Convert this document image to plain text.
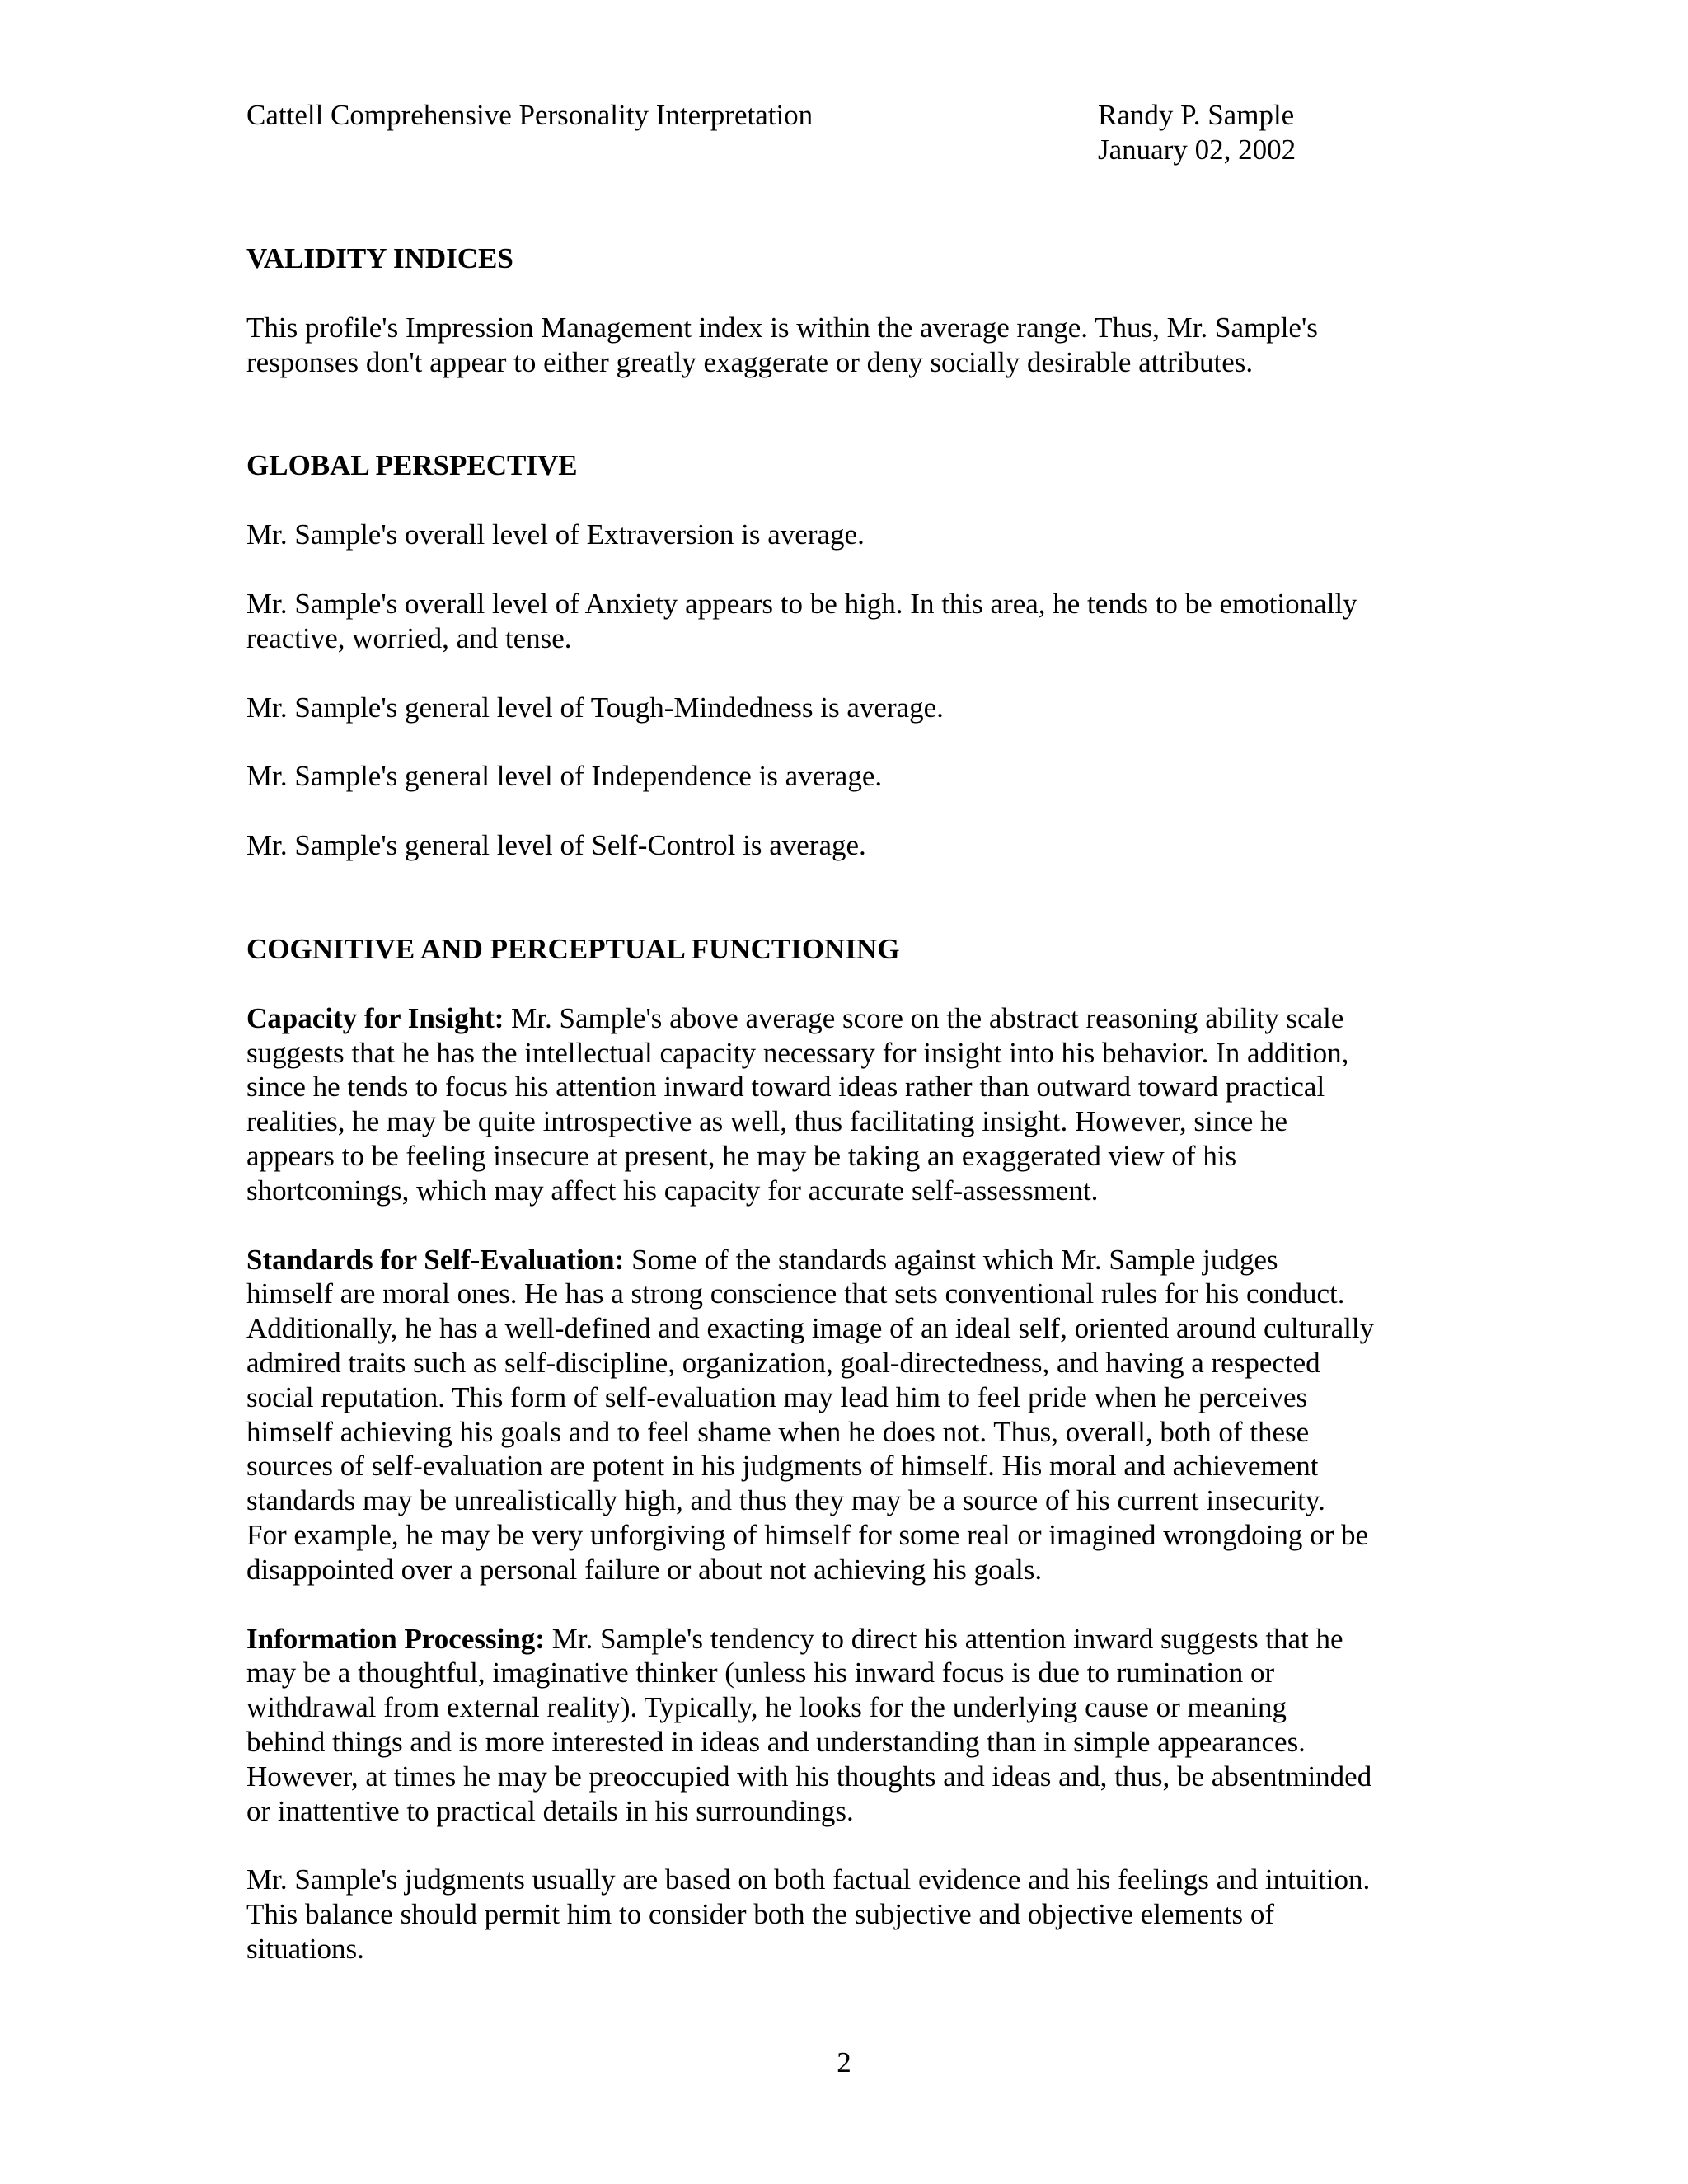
Cattell Comprehensive Personality Interpretation	Randy P. Sample
January 02, 2002
VALIDITY INDICES
This profile's Impression Management index is within the average range. Thus, Mr. Sample's
responses don't appear to either greatly exaggerate or deny socially desirable attributes.
GLOBAL PERSPECTIVE
Mr. Sample's overall level of Extraversion is average.
Mr. Sample's overall level of Anxiety appears to be high. In this area, he tends to be emotionally
reactive, worried, and tense.
Mr. Sample's general level of Tough-Mindedness is average.
Mr. Sample's general level of Independence is average.
Mr. Sample's general level of Self-Control is average.
COGNITIVE AND PERCEPTUAL FUNCTIONING
Capacity for Insight: Mr. Sample's above average score on the abstract reasoning ability scale
suggests that he has the intellectual capacity necessary for insight into his behavior. In addition,
since he tends to focus his attention inward toward ideas rather than outward toward practical
realities, he may be quite introspective as well, thus facilitating insight. However, since he
appears to be feeling insecure at present, he may be taking an exaggerated view of his
shortcomings, which may affect his capacity for accurate self-assessment.
Standards for Self-Evaluation: Some of the standards against which Mr. Sample judges
himself are moral ones. He has a strong conscience that sets conventional rules for his conduct.
Additionally, he has a well-defined and exacting image of an ideal self, oriented around culturally
admired traits such as self-discipline, organization, goal-directedness, and having a respected
social reputation. This form of self-evaluation may lead him to feel pride when he perceives
himself achieving his goals and to feel shame when he does not. Thus, overall, both of these
sources of self-evaluation are potent in his judgments of himself. His moral and achievement
standards may be unrealistically high, and thus they may be a source of his current insecurity.
For example, he may be very unforgiving of himself for some real or imagined wrongdoing or be
disappointed over a personal failure or about not achieving his goals.
Information Processing: Mr. Sample's tendency to direct his attention inward suggests that he
may be a thoughtful, imaginative thinker (unless his inward focus is due to rumination or
withdrawal from external reality). Typically, he looks for the underlying cause or meaning
behind things and is more interested in ideas and understanding than in simple appearances.
However, at times he may be preoccupied with his thoughts and ideas and, thus, be absentminded
or inattentive to practical details in his surroundings.
Mr. Sample's judgments usually are based on both factual evidence and his feelings and intuition.
This balance should permit him to consider both the subjective and objective elements of
situations.
2
